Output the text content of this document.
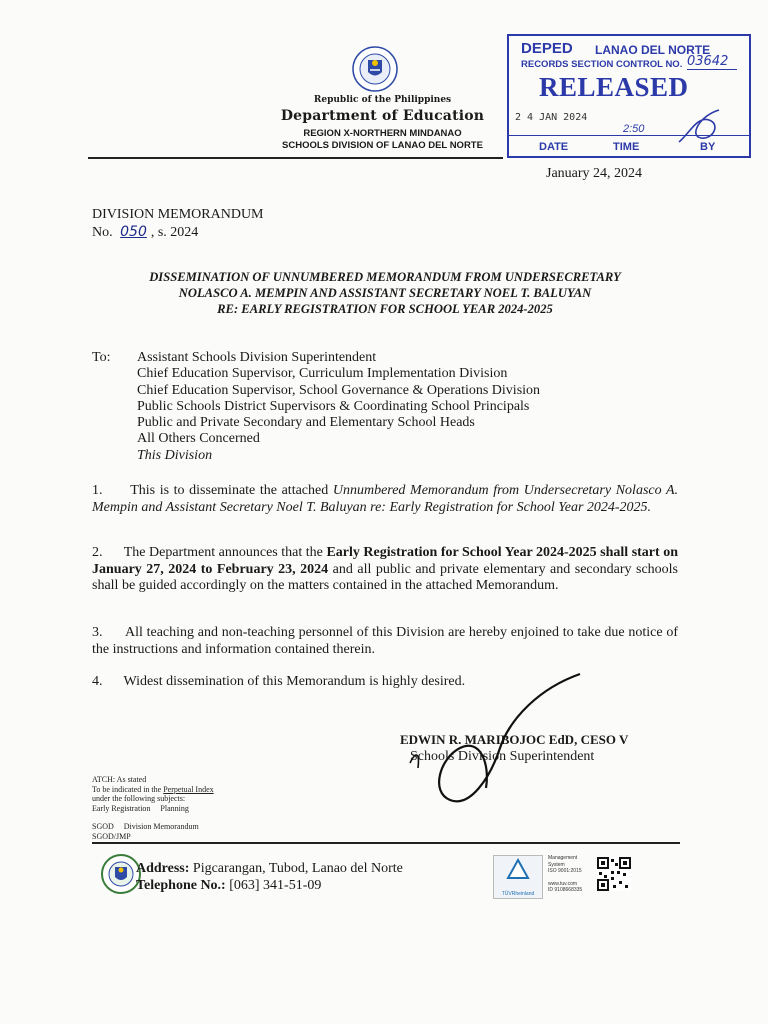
Republic of the Philippines
Department of Education
REGION X-NORTHERN MINDANAO
SCHOOLS DIVISION OF LANAO DEL NORTE
DEPED LANAO DEL NORTE
RECORDS SECTION CONTROL NO. 03642
RELEASED
2 4 JAN 2024
2:50
DATE	TIME	BY
January 24, 2024
DIVISION MEMORANDUM
No. 050 , s. 2024
DISSEMINATION OF UNNUMBERED MEMORANDUM FROM UNDERSECRETARY
NOLASCO A. MEMPIN AND ASSISTANT SECRETARY NOEL T. BALUYAN
RE: EARLY REGISTRATION FOR SCHOOL YEAR 2024-2025
To: Assistant Schools Division Superintendent
Chief Education Supervisor, Curriculum Implementation Division
Chief Education Supervisor, School Governance & Operations Division
Public Schools District Supervisors & Coordinating School Principals
Public and Private Secondary and Elementary School Heads
All Others Concerned
This Division
1. This is to disseminate the attached Unnumbered Memorandum from Undersecretary Nolasco A. Mempin and Assistant Secretary Noel T. Baluyan re: Early Registration for School Year 2024-2025.
2. The Department announces that the Early Registration for School Year 2024-2025 shall start on January 27, 2024 to February 23, 2024 and all public and private elementary and secondary schools shall be guided accordingly on the matters contained in the attached Memorandum.
3. All teaching and non-teaching personnel of this Division are hereby enjoined to take due notice of the instructions and information contained therein.
4. Widest dissemination of this Memorandum is highly desired.
EDWIN R. MARIBOJOC EdD, CESO V
Schools Division Superintendent
ATCH: As stated
To be indicated in the Perpetual Index
under the following subjects:
Early Registration     Planning
SGOD     Division Memorandum
SGOD/JMP
Address: Pigcarangan, Tubod, Lanao del Norte
Telephone No.: [063] 341-51-09
TÜVRheinland
Management
System
ISO 9001:2015
www.tuv.com
ID 9108668335
